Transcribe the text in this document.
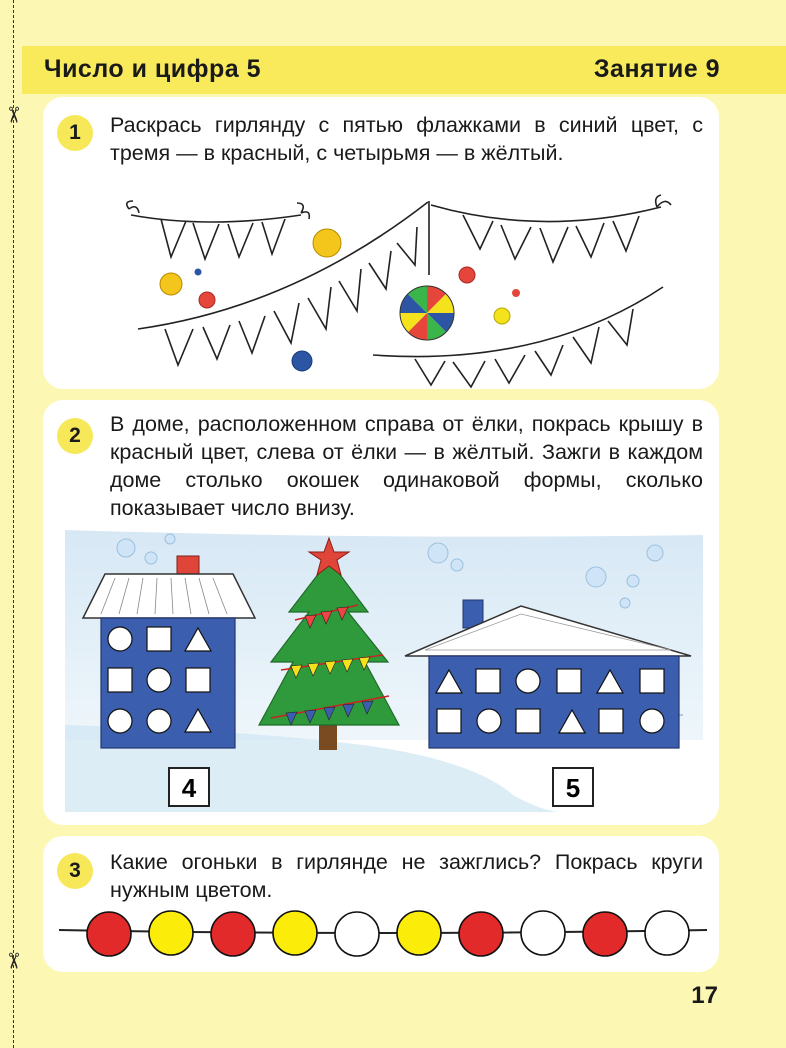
✂
✂
Число и цифра 5	Занятие 9
1	Раскрась гирлянду с пятью флажками в синий цвет, с тремя — в красный, с четырьмя — в жёлтый.
2	В доме, расположенном справа от ёлки, покрась крышу в красный цвет, слева от ёлки — в жёлтый. Зажги в каждом доме столько окошек одинаковой формы, сколько показывает число внизу.
4	5
3	Какие огоньки в гирлянде не зажглись? Покрась круги нужным цветом.
17
